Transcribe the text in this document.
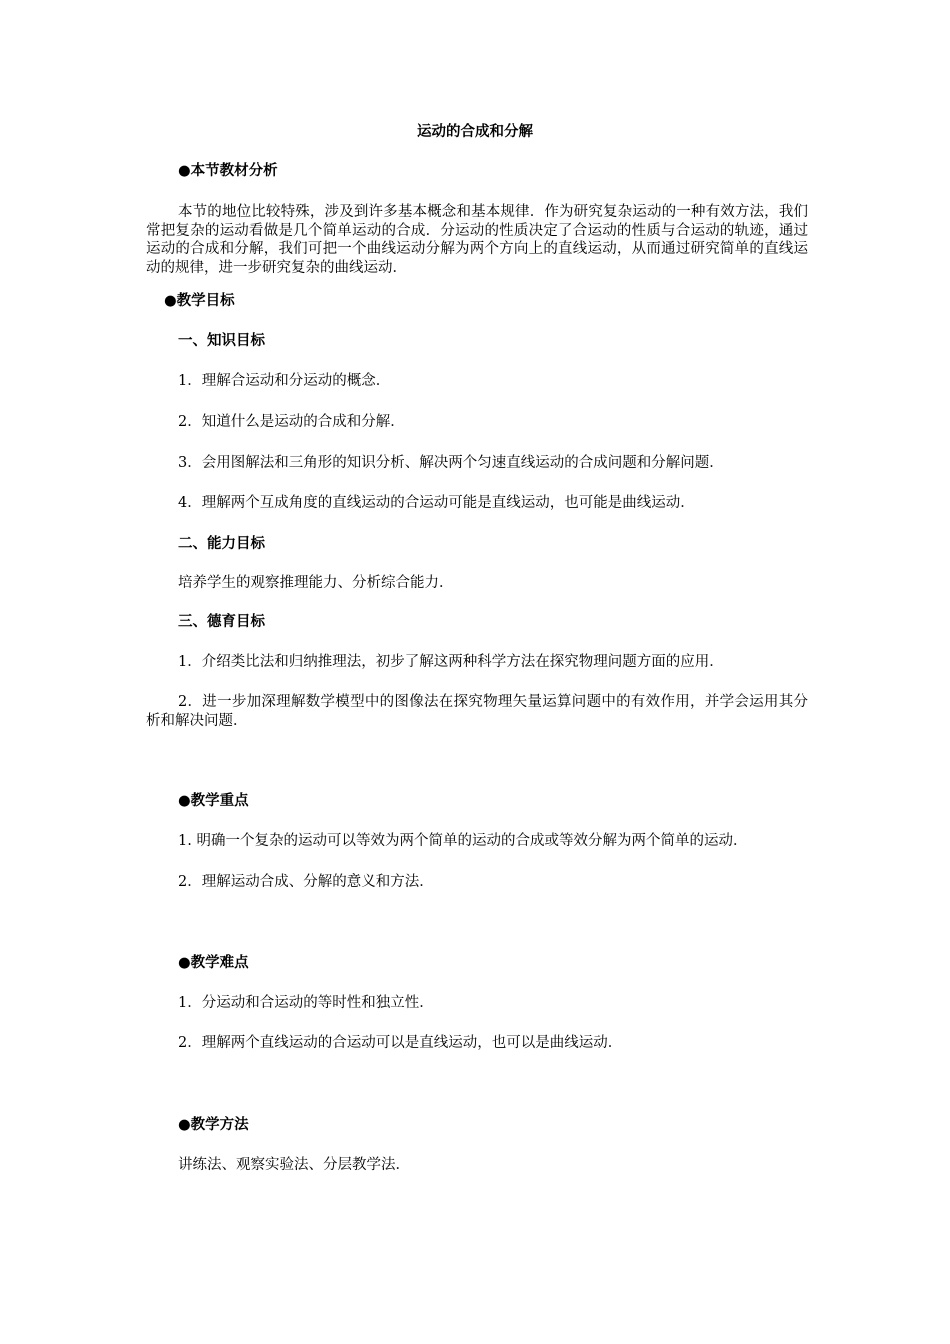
运动的合成和分解

●本节教材分析

本节的地位比较特殊，涉及到许多基本概念和基本规律．作为研究复杂运动的一种有效方法，我们常把复杂的运动看做是几个简单运动的合成．分运动的性质决定了合运动的性质与合运动的轨迹，通过运动的合成和分解，我们可把一个曲线运动分解为两个方向上的直线运动，从而通过研究简单的直线运动的规律，进一步研究复杂的曲线运动．

●教学目标

一、知识目标

1．理解合运动和分运动的概念．

2．知道什么是运动的合成和分解．

3．会用图解法和三角形的知识分析、解决两个匀速直线运动的合成问题和分解问题．

4．理解两个互成角度的直线运动的合运动可能是直线运动，也可能是曲线运动．

二、能力目标

培养学生的观察推理能力、分析综合能力．

三、德育目标

1．介绍类比法和归纳推理法，初步了解这两种科学方法在探究物理问题方面的应用．

2．进一步加深理解数学模型中的图像法在探究物理矢量运算问题中的有效作用，并学会运用其分析和解决问题．

●教学重点

1. 明确一个复杂的运动可以等效为两个简单的运动的合成或等效分解为两个简单的运动．

2．理解运动合成、分解的意义和方法．

●教学难点

1．分运动和合运动的等时性和独立性．

2．理解两个直线运动的合运动可以是直线运动，也可以是曲线运动．

●教学方法

讲练法、观察实验法、分层教学法．
